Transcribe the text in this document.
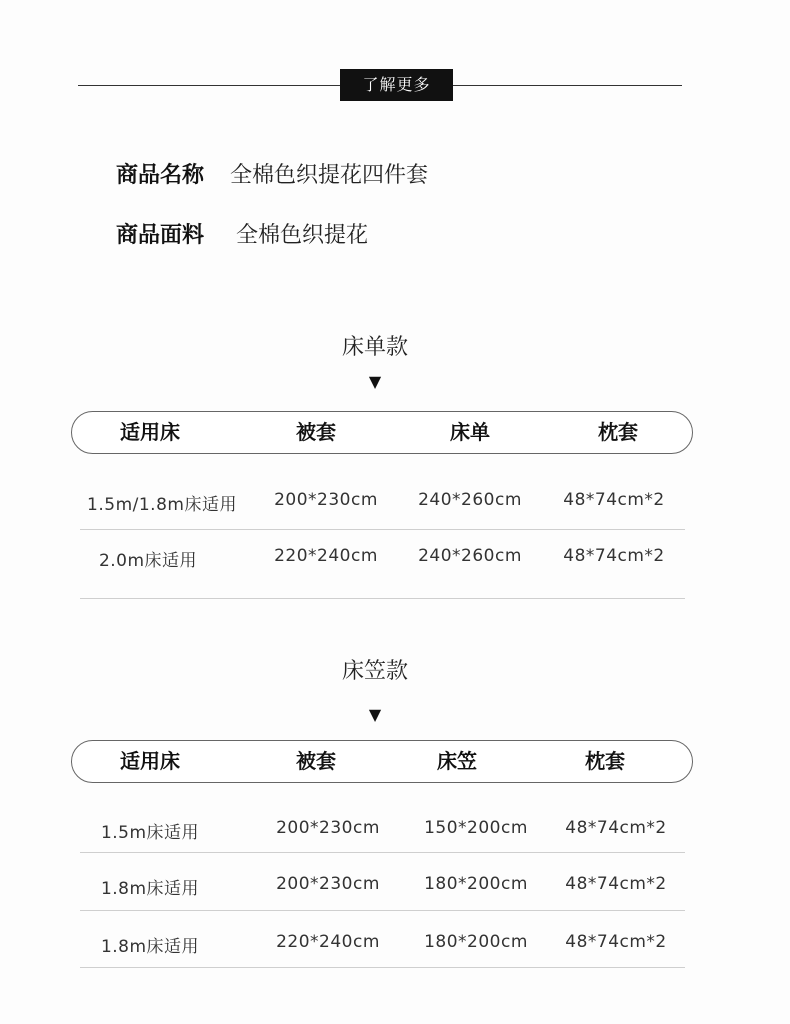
了解更多
商品名称 全棉色织提花四件套
商品面料 全棉色织提花
床单款
▼
适用床	被套	床单	枕套
1.5m/1.8m床适用 200*230cm 240*260cm 48*74cm*2
2.0m床适用	220*240cm 240*260cm 48*74cm*2
床笠款
▼
适用床	被套	床笠	枕套
1.5m床适用	200*230cm	150*200cm 48*74cm*2
1.8m床适用	200*230cm	180*200cm 48*74cm*2
1.8m床适用	220*240cm	180*200cm 48*74cm*2
